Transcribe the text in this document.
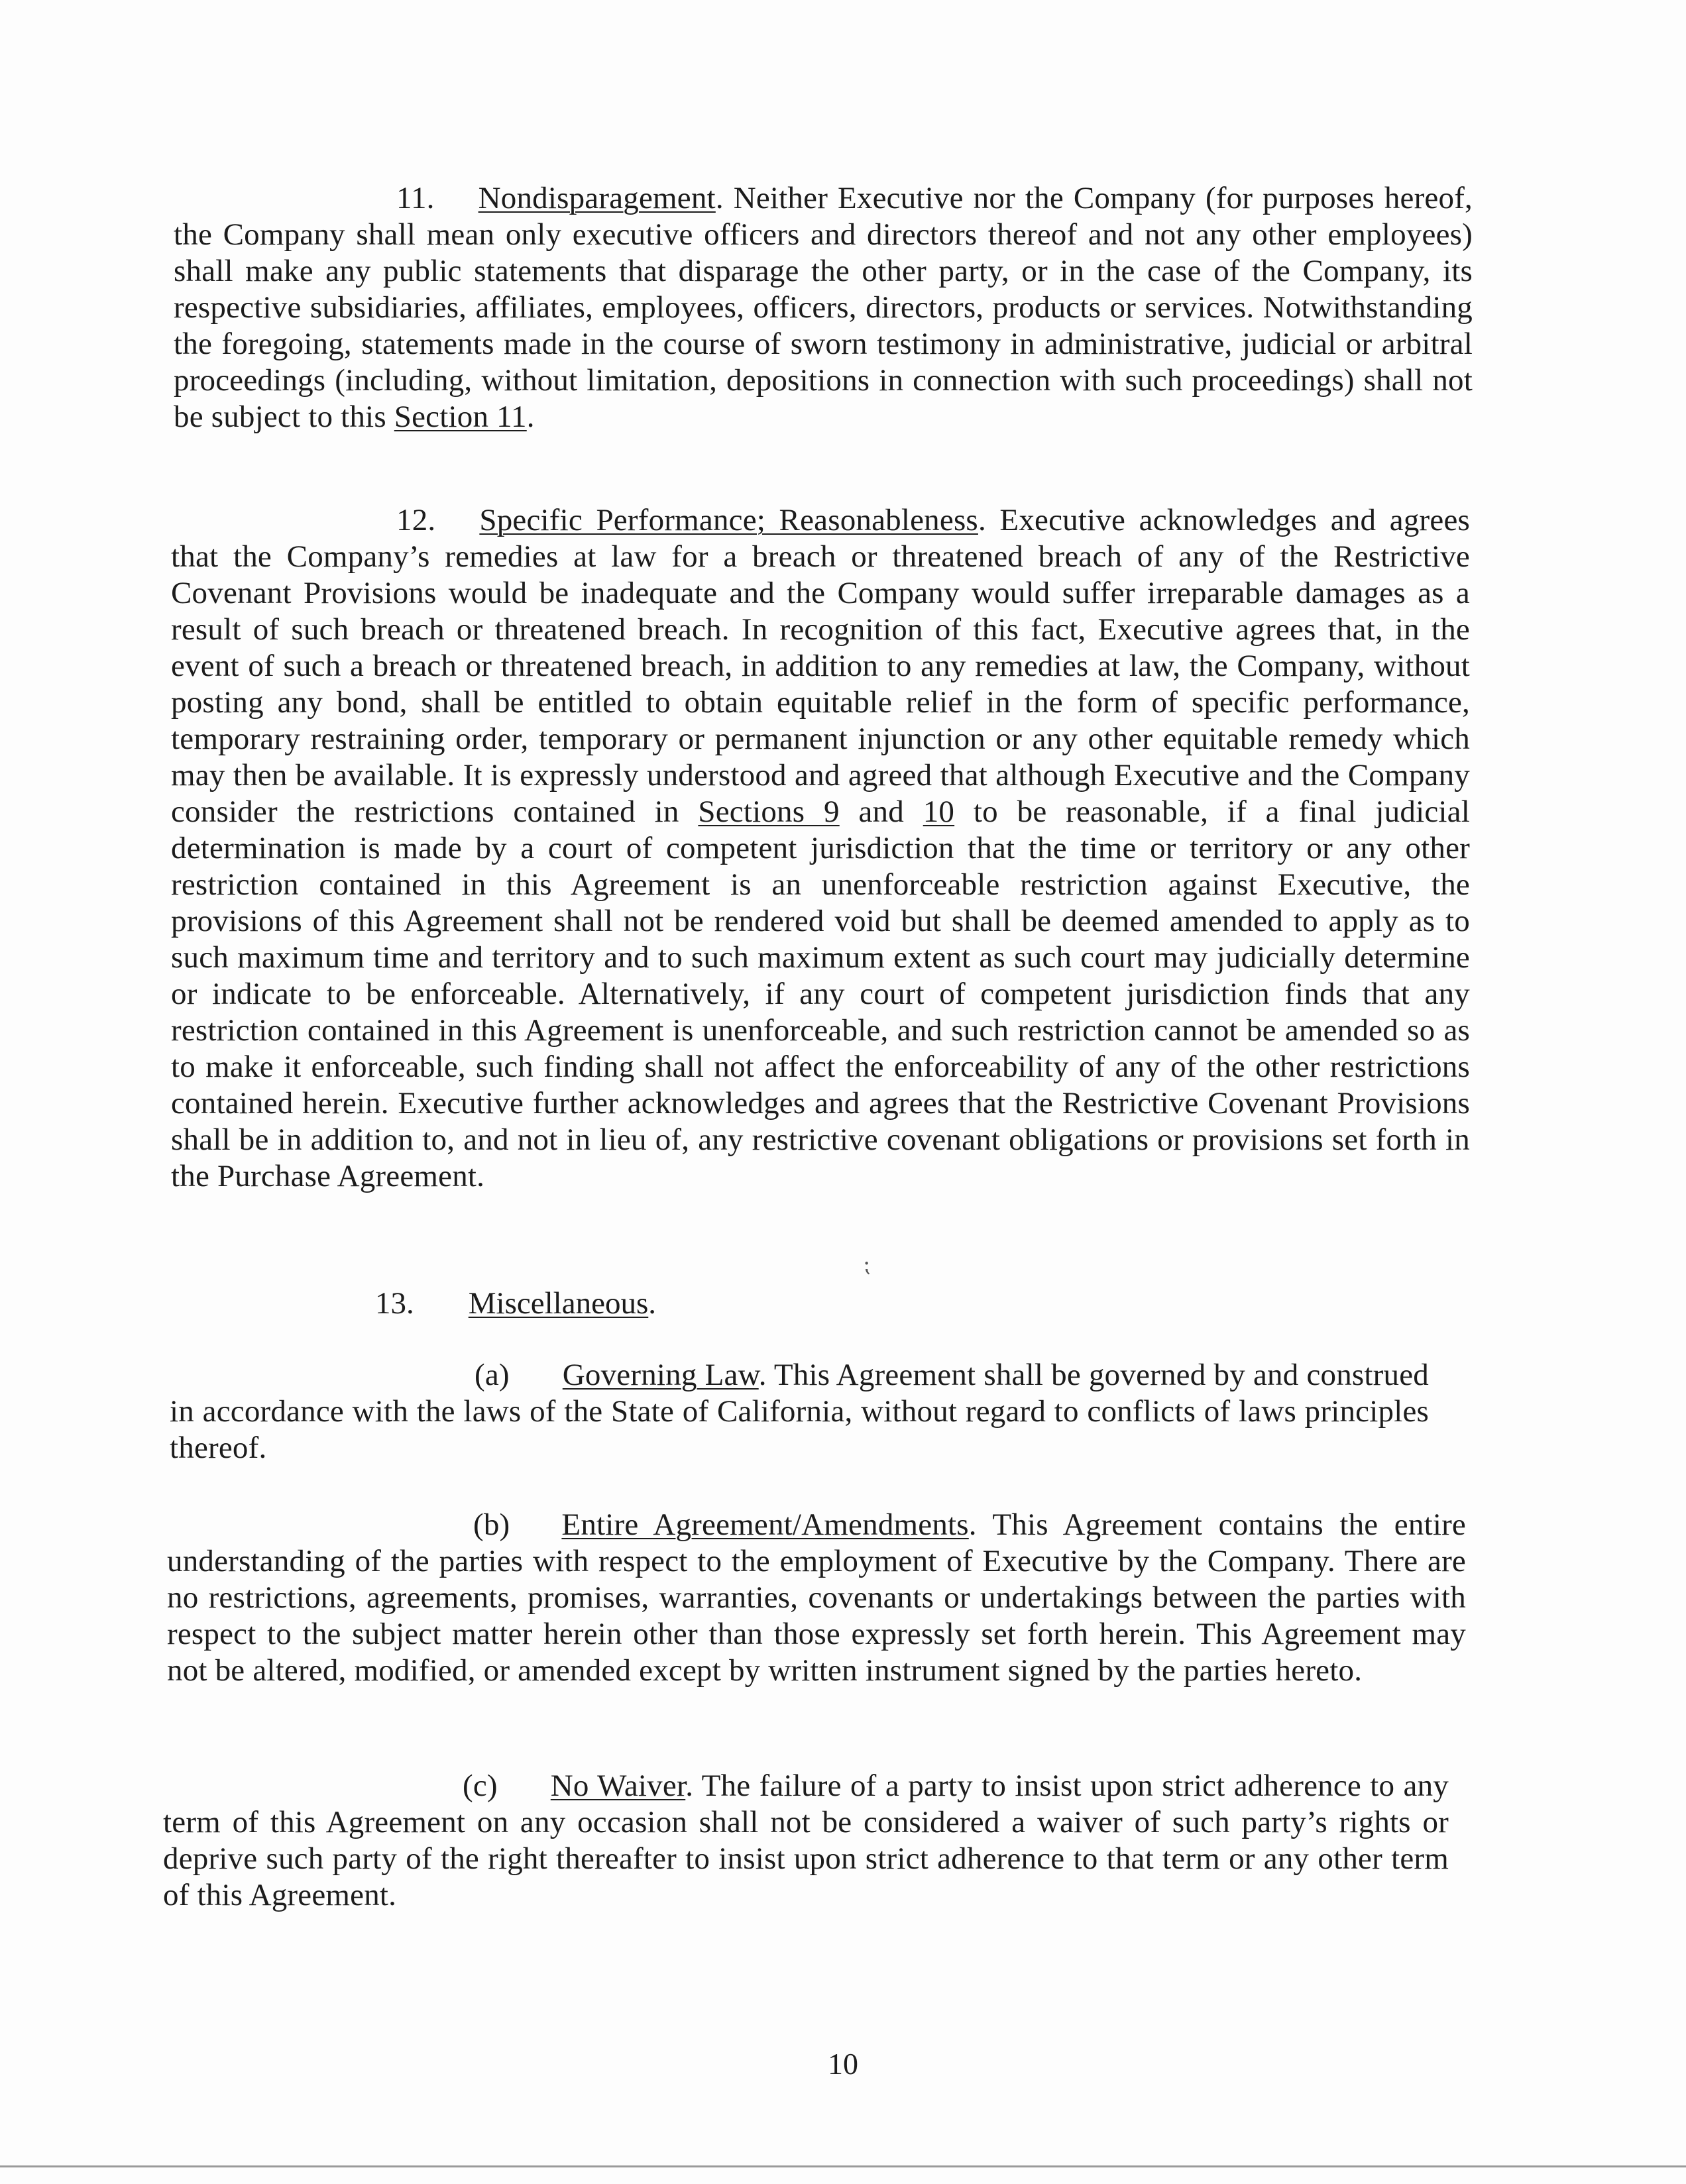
11. Nondisparagement. Neither Executive nor the Company (for purposes hereof, the Company shall mean only executive officers and directors thereof and not any other employees) shall make any public statements that disparage the other party, or in the case of the Company, its respective subsidiaries, affiliates, employees, officers, directors, products or services. Notwithstanding the foregoing, statements made in the course of sworn testimony in administrative, judicial or arbitral proceedings (including, without limitation, depositions in connection with such proceedings) shall not be subject to this Section 11.
12. Specific Performance; Reasonableness. Executive acknowledges and agrees that the Company’s remedies at law for a breach or threatened breach of any of the Restrictive Covenant Provisions would be inadequate and the Company would suffer irreparable damages as a result of such breach or threatened breach. In recognition of this fact, Executive agrees that, in the event of such a breach or threatened breach, in addition to any remedies at law, the Company, without posting any bond, shall be entitled to obtain equitable relief in the form of specific performance, temporary restraining order, temporary or permanent injunction or any other equitable remedy which may then be available. It is expressly understood and agreed that although Executive and the Company consider the restrictions contained in Sections 9 and 10 to be reasonable, if a final judicial determination is made by a court of competent jurisdiction that the time or territory or any other restriction contained in this Agreement is an unenforceable restriction against Executive, the provisions of this Agreement shall not be rendered void but shall be deemed amended to apply as to such maximum time and territory and to such maximum extent as such court may judicially determine or indicate to be enforceable. Alternatively, if any court of competent jurisdiction finds that any restriction contained in this Agreement is unenforceable, and such restriction cannot be amended so as to make it enforceable, such finding shall not affect the enforceability of any of the other restrictions contained herein. Executive further acknowledges and agrees that the Restrictive Covenant Provisions shall be in addition to, and not in lieu of, any restrictive covenant obligations or provisions set forth in the Purchase Agreement.
⁏
13. Miscellaneous.
(a) Governing Law. This Agreement shall be governed by and construed in accordance with the laws of the State of California, without regard to conflicts of laws principles thereof.
(b) Entire Agreement/Amendments. This Agreement contains the entire understanding of the parties with respect to the employment of Executive by the Company. There are no restrictions, agreements, promises, warranties, covenants or undertakings between the parties with respect to the subject matter herein other than those expressly set forth herein. This Agreement may not be altered, modified, or amended except by written instrument signed by the parties hereto.
(c) No Waiver. The failure of a party to insist upon strict adherence to any term of this Agreement on any occasion shall not be considered a waiver of such party’s rights or deprive such party of the right thereafter to insist upon strict adherence to that term or any other term of this Agreement.
10
